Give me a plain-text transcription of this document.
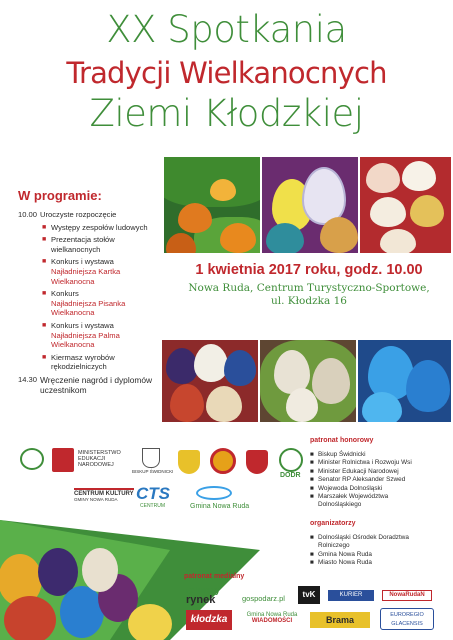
XX Spotkania
Tradycji Wielkanocnych
Ziemi Kłodzkiej
W programie:
10.00 Uroczyste rozpoczęcie
■ Występy zespołów ludowych
■ Prezentacja stołów wielkanocnych
■ Konkurs i wystawa
Najładniejsza Kartka Wielkanocna
■ Konkurs
Najładniejsza Pisanka Wielkanocna
■ Konkurs i wystawa
Najładniejsza Palma Wielkanocna
■ Kiermasz wyrobów rękodzielniczych
14.30 Wręczenie nagród i dyplomów uczestnikom
1 kwietnia 2017 roku, godz. 10.00
Nowa Ruda, Centrum Turystyczno-Sportowe,
ul. Kłodzka 16
MINISTERSTWO EDUKACJI NARODOWEJ
BISKUP ŚWIDNICKI
DODR
CENTRUM KULTURY
GMINY NOWA RUDA	CTS
CENTRUM	Gmina Nowa Ruda
patronat honorowy
■ Biskup Świdnicki
■ Minister Rolnictwa i Rozwoju Wsi
■ Minister Edukacji Narodowej
■ Senator RP Aleksander Szwed
■ Wojewoda Dolnośląski
■ Marszałek Województwa Dolnośląskiego
organizatorzy
■ Dolnośląski Ośrodek Doradztwa Rolniczego
■ Gmina Nowa Ruda
■ Miasto Nowa Ruda
patronat medialny
rolniczy
rynek	gospodarz.pl	tvK	KURIER	NowaRudaN
kłodzka	Gmina Nowa Ruda
WIADOMOŚCI	Brama	EUROREGIO GLACENSIS
